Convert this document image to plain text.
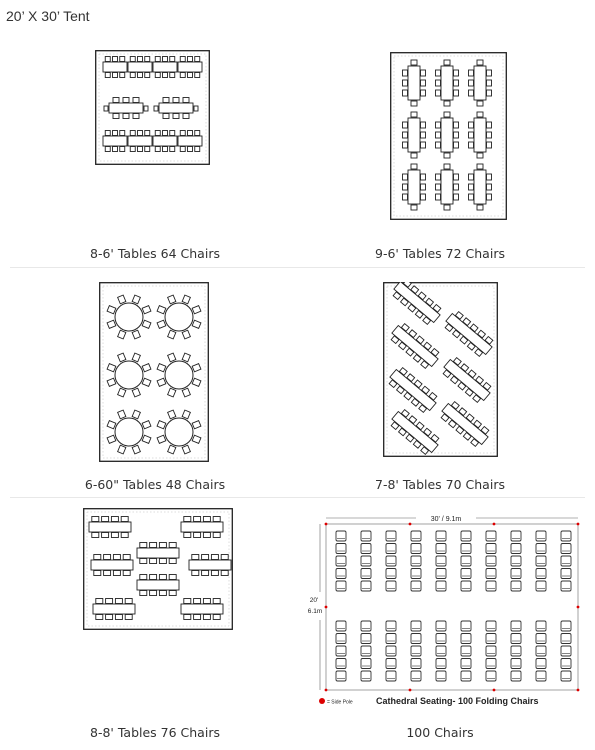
20’ X 30’ Tent
8-6' Tables 64 Chairs	9-6' Tables 72 Chairs
6-60" Tables 48 Chairs	7-8' Tables 70 Chairs
8-8' Tables 76 Chairs
30' / 9.1m
20'
6.1m
= Side Pole	Cathedral Seating- 100 Folding Chairs
100 Chairs
